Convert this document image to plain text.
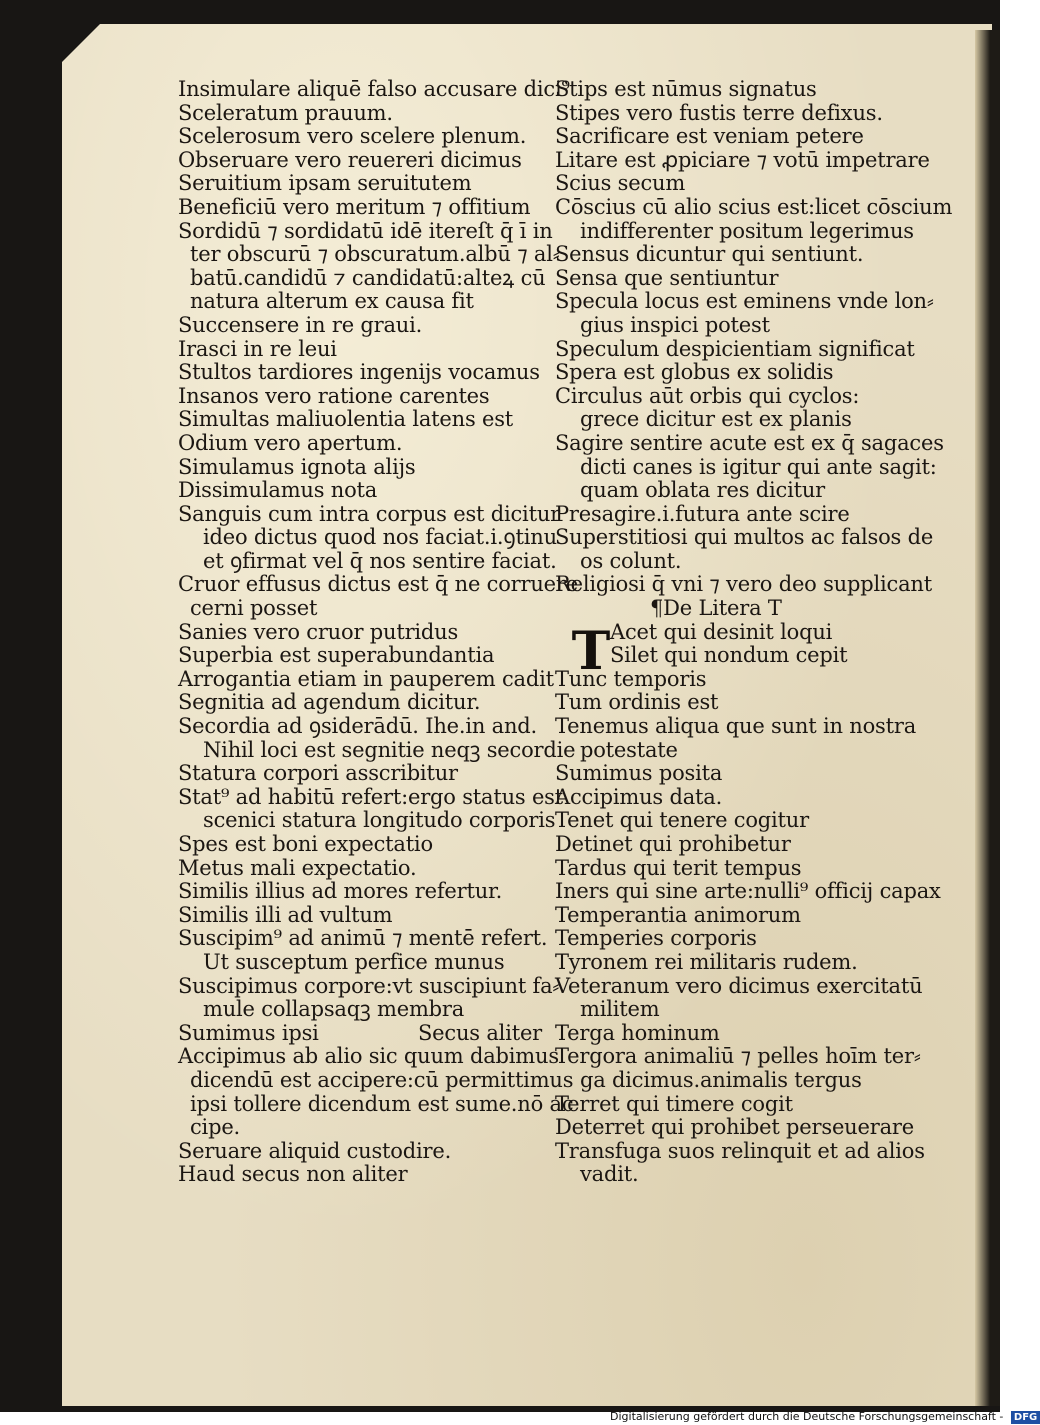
Insimulare aliquē falso accusare dici⁹
Sceleratum prauum.
Scelerosum vero scelere plenum.
Obseruare vero reuereri dicimus
Seruitium ipsam seruitutem
Beneficiū vero meritum ⁊ offitium
Sordidū ⁊ sordidatū idē itereſt q̄ ī in
ter obscurū ⁊ obscuratum.albū ⁊ al⸗
batū.candidū ⁊ candidatū:alteꝝ cū
natura alterum ex causa fit
Succensere in re graui.
Irasci in re leui
Stultos tardiores ingenijs vocamus
Insanos vero ratione carentes
Simultas maliuolentia latens est
Odium vero apertum.
Simulamus ignota alijs
Dissimulamus nota
Sanguis cum intra corpus est dicitur
ideo dictus quod nos faciat.i.ꝯtinu
et ꝯfirmat vel q̄ nos sentire faciat.
Cruor effusus dictus est q̄ ne corruere
cerni posset
Sanies vero cruor putridus
Superbia est superabundantia
Arrogantia etiam in pauperem cadit
Segnitia ad agendum dicitur.
Secordia ad ꝯsiderādū. Ihe.in and.
Nihil loci est segnitie neqꝫ secordie
Statura corpori asscribitur
Stat⁹ ad habitū refert:ergo status est
scenici statura longitudo corporis
Spes est boni expectatio
Metus mali expectatio.
Similis illius ad mores refertur.
Similis illi ad vultum
Suscipim⁹ ad animū ⁊ mentē refert.
Ut susceptum perfice munus
Suscipimus corpore:vt suscipiunt fa⸗
mule collapsaqꝫ membra
Sumimus ipsi	Secus aliter
Accipimus ab alio sic quum dabimus
dicendū est accipere:cū permittimus
ipsi tollere dicendum est sume.nō ac
cipe.
Seruare aliquid custodire.
Haud secus non aliter
Stips est nūmus signatus
Stipes vero fustis terre defixus.
Sacrificare est veniam petere
Litare est ꝓpiciare ⁊ votū impetrare
Scius secum
Cōscius cū alio scius est:licet cōscium
indifferenter positum legerimus
Sensus dicuntur qui sentiunt.
Sensa que sentiuntur
Specula locus est eminens vnde lon⸗
gius inspici potest
Speculum despicientiam significat
Spera est globus ex solidis
Circulus aūt orbis qui cyclos:
grece dicitur est ex planis
Sagire sentire acute est ex q̄ sagaces
dicti canes is igitur qui ante sagit:
quam oblata res dicitur
Presagire.i.futura ante scire
Superstitiosi qui multos ac falsos de
os colunt.
Religiosi q̄ vni ⁊ vero deo supplicant
¶De Litera T
Acet qui desinit loqui
Silet qui nondum cepit
Tunc temporis
Tum ordinis est
Tenemus aliqua que sunt in nostra
potestate
Sumimus posita
Accipimus data.
Tenet qui tenere cogitur
Detinet qui prohibetur
Tardus qui terit tempus
Iners qui sine arte:nulli⁹ officij capax
Temperantia animorum
Temperies corporis
Tyronem rei militaris rudem.
Veteranum vero dicimus exercitatū
militem
Terga hominum
Tergora animaliū ⁊ pelles hoīm ter⸗
ga dicimus.animalis tergus
Terret qui timere cogit
Deterret qui prohibet perseuerare
Transfuga suos relinquit et ad alios
vadit.
T
Digitalisierung gefördert durch die Deutsche Forschungsgemeinschaft - DFG
